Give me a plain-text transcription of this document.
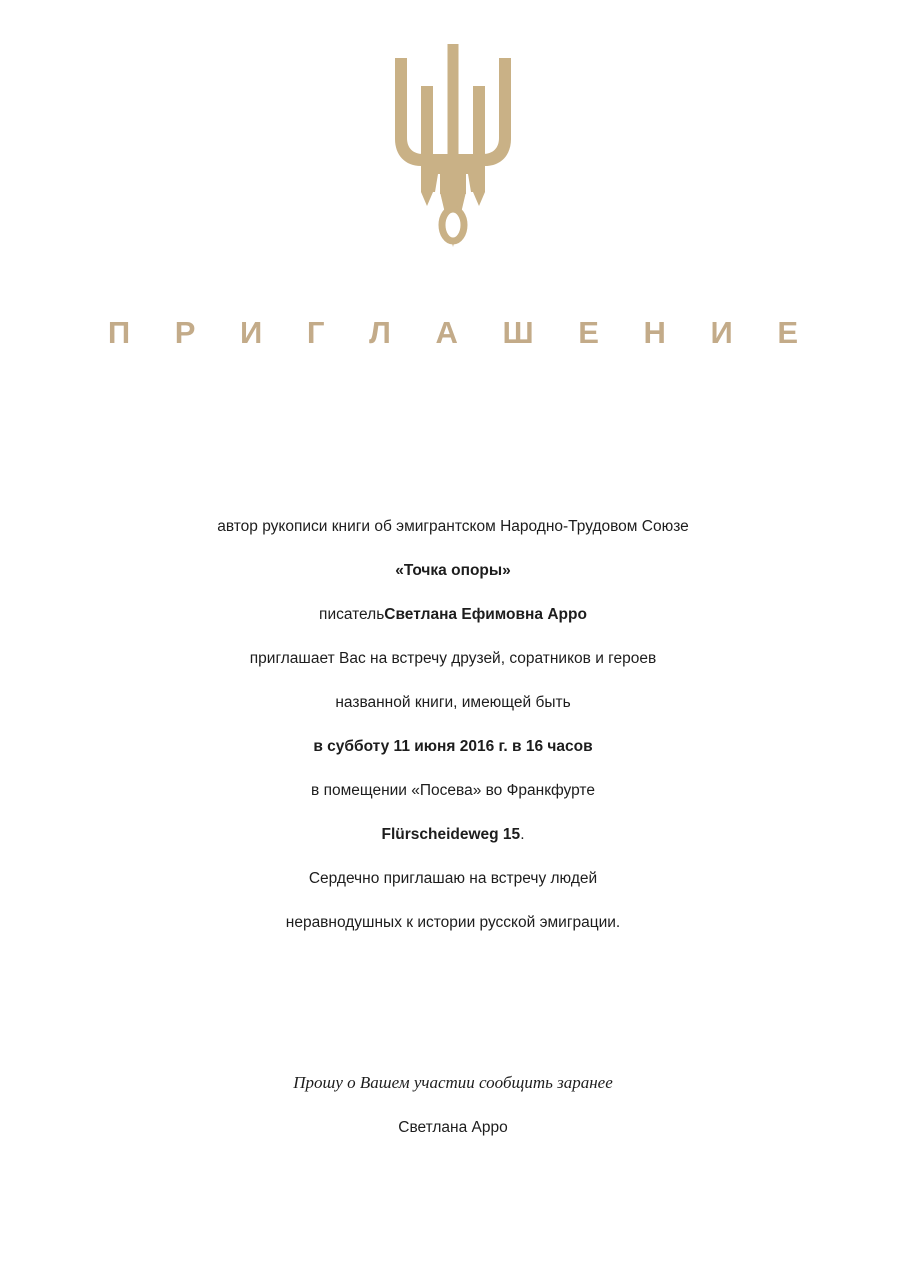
П Р И Г Л А Ш Е Н И Е
автор рукописи книги об эмигрантском Народно-Трудовом Союзе
«Точка опоры»
писатель Светлана Ефимовна Арро
приглашает Вас на встречу друзей, соратников и героев
названной книги, имеющей быть
в субботу 11 июня 2016 г. в 16 часов
в помещении «Посева» во Франкфурте
Flürscheideweg 15 .
Сердечно приглашаю на встречу людей
неравнодушных к истории русской эмиграции.
Прошу о Вашем участии сообщить заранее
Светлана Арро
